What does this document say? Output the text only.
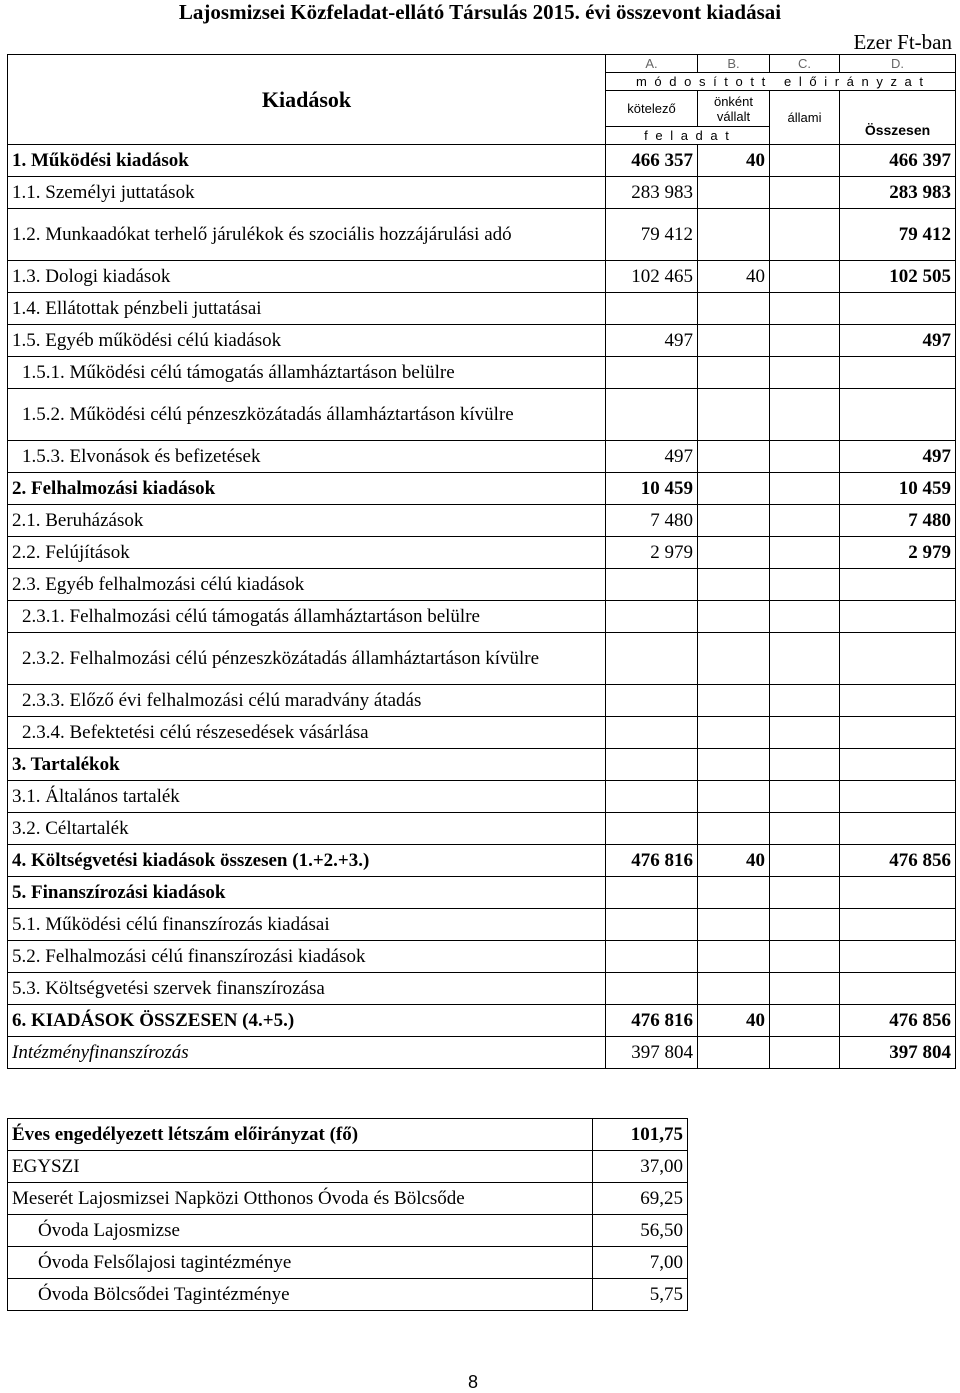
Lajosmizsei Közfeladat-ellátó Társulás 2015. évi összevont kiadásai
Ezer Ft-ban
Kiadások	A.	B.	C.	D.
	m ó d o s í t o t t   e l ő i r á n y z a t			
	kötelező	önként vállalt	állami	Összesen
	f e l a d a t			
1. Működési kiadások	466 357	40		466 397
1.1. Személyi juttatások	283 983			283 983
1.2. Munkaadókat terhelő járulékok és szociális hozzájárulási adó	79 412			79 412
1.3. Dologi kiadások	102 465	40		102 505
1.4. Ellátottak pénzbeli juttatásai				
1.5. Egyéb működési célú kiadások	497			497
1.5.1. Működési célú támogatás államháztartáson belülre				
1.5.2. Működési célú pénzeszközátadás államháztartáson kívülre				
1.5.3. Elvonások és befizetések	497			497
2. Felhalmozási kiadások	10 459			10 459
2.1. Beruházások	7 480			7 480
2.2. Felújítások	2 979			2 979
2.3. Egyéb felhalmozási célú kiadások				
2.3.1. Felhalmozási célú támogatás államháztartáson belülre				
2.3.2. Felhalmozási célú pénzeszközátadás államháztartáson kívülre				
2.3.3. Előző évi felhalmozási célú maradvány átadás				
2.3.4. Befektetési célú részesedések vásárlása				
3. Tartalékok				
3.1. Általános tartalék				
3.2. Céltartalék				
4. Költségvetési kiadások összesen (1.+2.+3.)	476 816	40		476 856
5. Finanszírozási kiadások				
5.1. Működési célú finanszírozás kiadásai				
5.2. Felhalmozási célú finanszírozási kiadások				
5.3. Költségvetési szervek finanszírozása				
6. KIADÁSOK ÖSSZESEN (4.+5.)	476 816	40		476 856
Intézményfinanszírozás	397 804			397 804
Éves engedélyezett létszám előirányzat (fő)	101,75
EGYSZI	37,00
Meserét Lajosmizsei Napközi Otthonos Óvoda és Bölcsőde	69,25
Óvoda Lajosmizse	56,50
Óvoda Felsőlajosi tagintézménye	7,00
Óvoda Bölcsődei Tagintézménye	5,75
8
